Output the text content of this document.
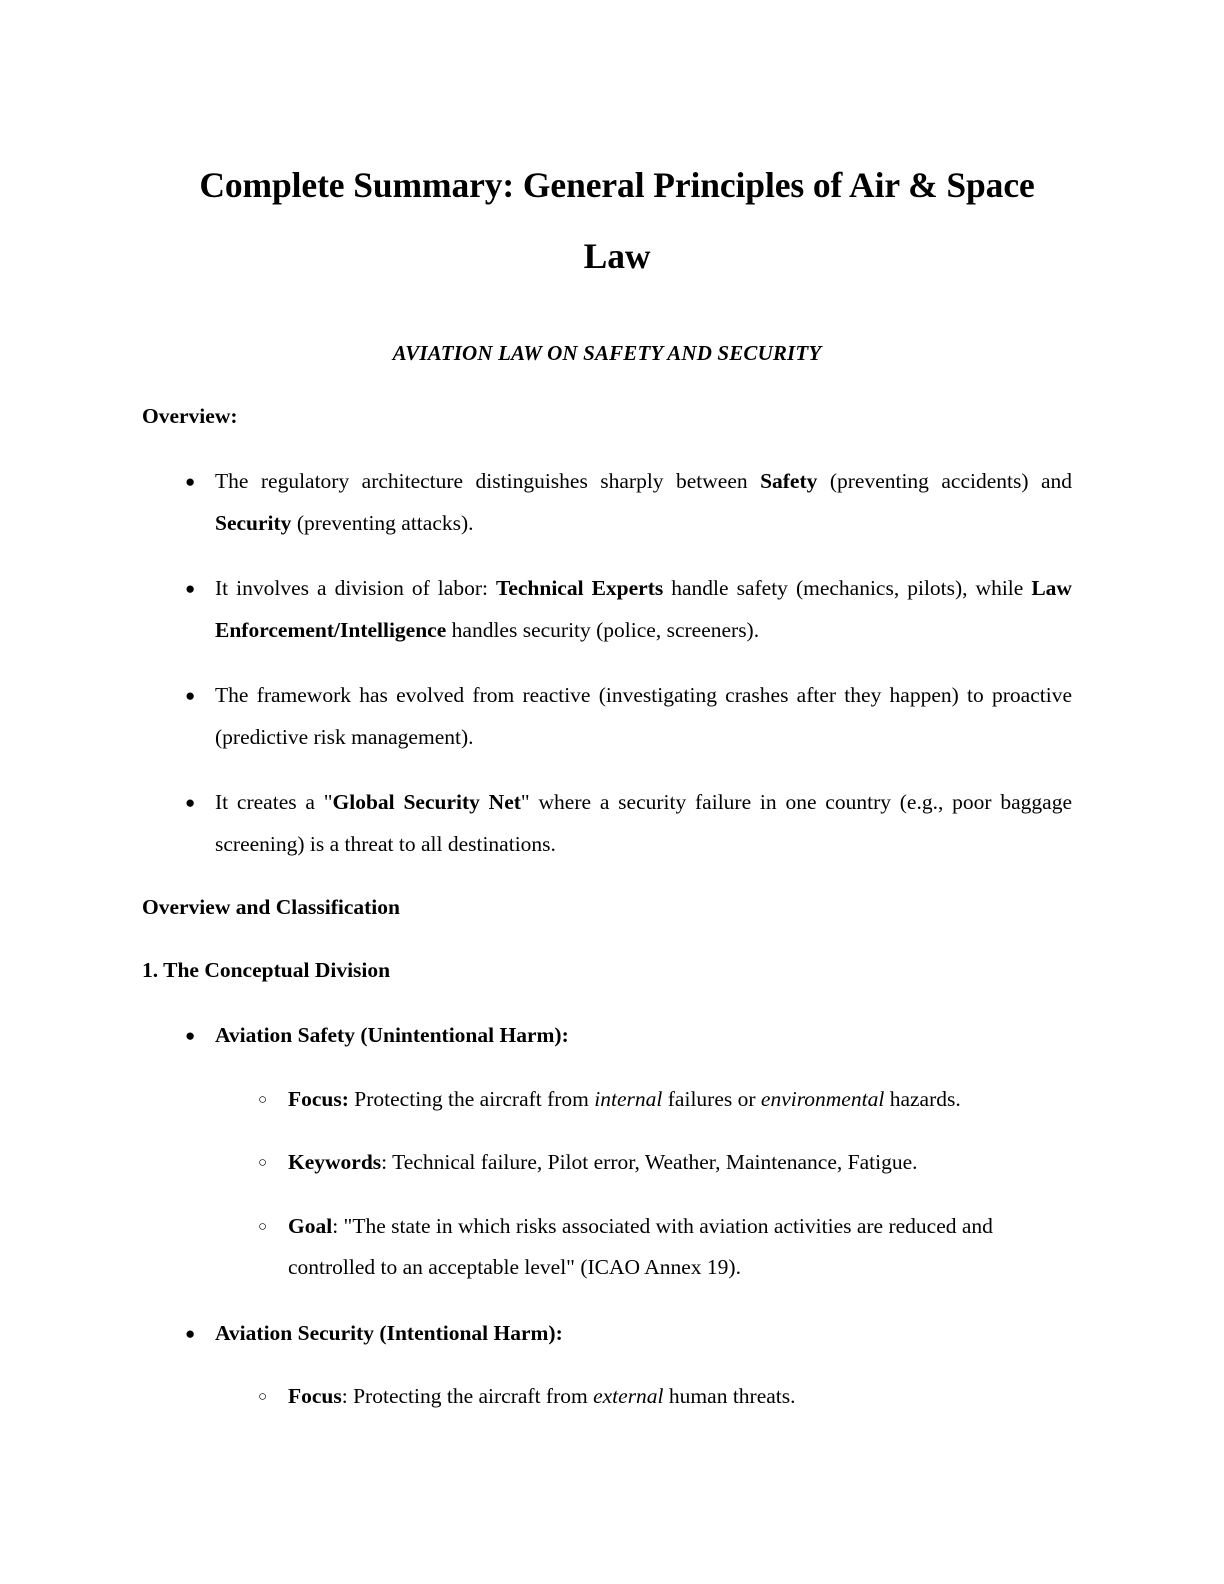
Complete Summary: General Principles of Air & Space Law
AVIATION LAW ON SAFETY AND SECURITY
Overview:
● The regulatory architecture distinguishes sharply between Safety (preventing accidents) and Security (preventing attacks).
● It involves a division of labor: Technical Experts handle safety (mechanics, pilots), while Law Enforcement/Intelligence handles security (police, screeners).
● The framework has evolved from reactive (investigating crashes after they happen) to proactive (predictive risk management).
● It creates a "Global Security Net" where a security failure in one country (e.g., poor baggage screening) is a threat to all destinations.
Overview and Classification
1. The Conceptual Division
● Aviation Safety (Unintentional Harm):
○ Focus: Protecting the aircraft from internal failures or environmental hazards.
○ Keywords: Technical failure, Pilot error, Weather, Maintenance, Fatigue.
○ Goal: "The state in which risks associated with aviation activities are reduced and controlled to an acceptable level" (ICAO Annex 19).
● Aviation Security (Intentional Harm):
○ Focus: Protecting the aircraft from external human threats.
